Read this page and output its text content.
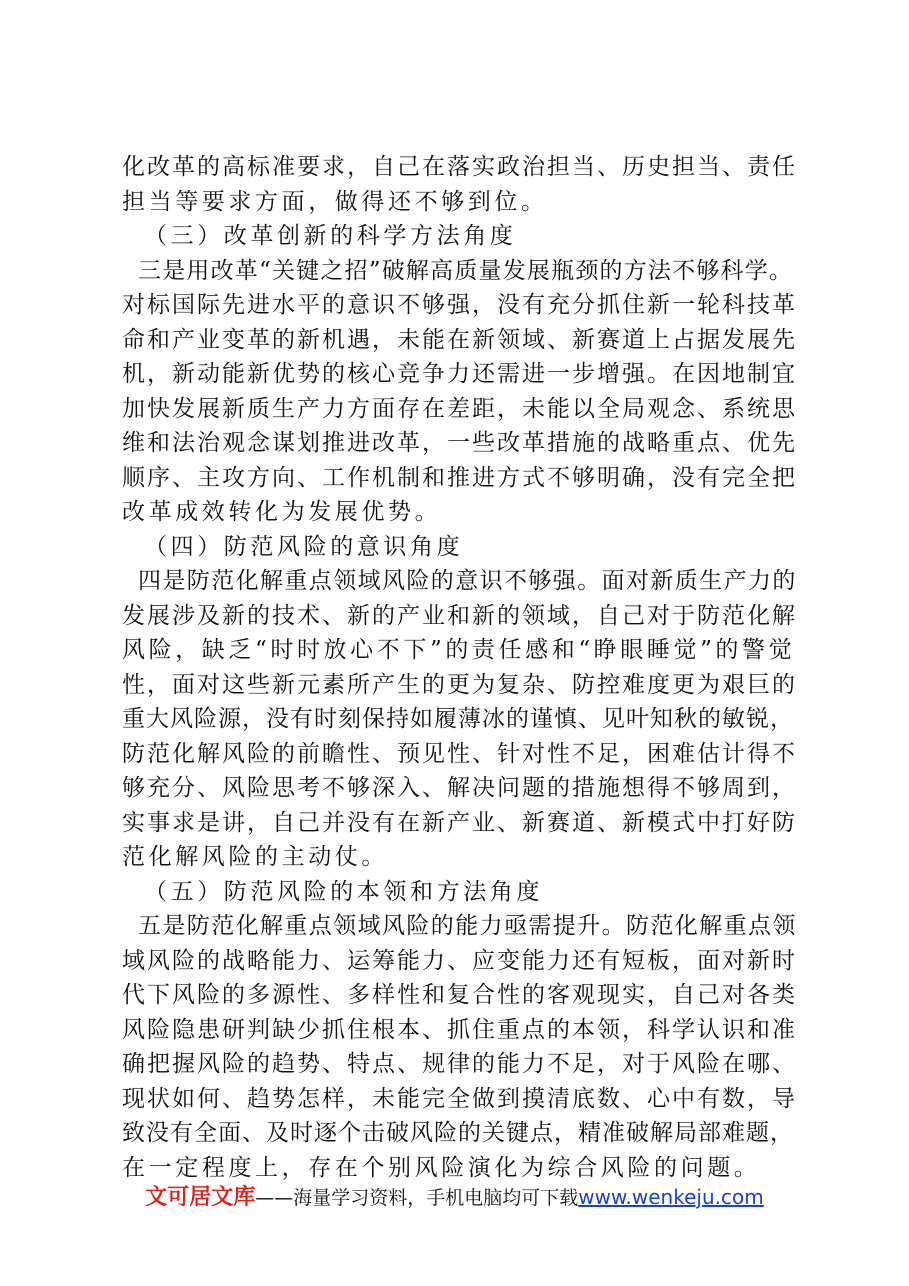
化改革的高标准要求，自己在落实政治担当、历史担当、责任
担当等要求方面，做得还不够到位。
（三）改革创新的科学方法角度
三是用改革“关键之招”破解高质量发展瓶颈的方法不够科学。
对标国际先进水平的意识不够强，没有充分抓住新一轮科技革
命和产业变革的新机遇，未能在新领域、新赛道上占据发展先
机，新动能新优势的核心竞争力还需进一步增强。在因地制宜
加快发展新质生产力方面存在差距，未能以全局观念、系统思
维和法治观念谋划推进改革，一些改革措施的战略重点、优先
顺序、主攻方向、工作机制和推进方式不够明确，没有完全把
改革成效转化为发展优势。
（四）防范风险的意识角度
四是防范化解重点领域风险的意识不够强。面对新质生产力的
发展涉及新的技术、新的产业和新的领域，自己对于防范化解
风险，缺乏“时时放心不下”的责任感和“睁眼睡觉”的警觉
性，面对这些新元素所产生的更为复杂、防控难度更为艰巨的
重大风险源，没有时刻保持如履薄冰的谨慎、见叶知秋的敏锐，
防范化解风险的前瞻性、预见性、针对性不足，困难估计得不
够充分、风险思考不够深入、解决问题的措施想得不够周到，
实事求是讲，自己并没有在新产业、新赛道、新模式中打好防
范化解风险的主动仗。
（五）防范风险的本领和方法角度
五是防范化解重点领域风险的能力亟需提升。防范化解重点领
域风险的战略能力、运筹能力、应变能力还有短板，面对新时
代下风险的多源性、多样性和复合性的客观现实，自己对各类
风险隐患研判缺少抓住根本、抓住重点的本领，科学认识和准
确把握风险的趋势、特点、规律的能力不足，对于风险在哪、
现状如何、趋势怎样，未能完全做到摸清底数、心中有数，导
致没有全面、及时逐个击破风险的关键点，精准破解局部难题，
在一定程度上，存在个别风险演化为综合风险的问题。
文可居文库——海量学习资料，手机电脑均可下载www.wenkeju.com
